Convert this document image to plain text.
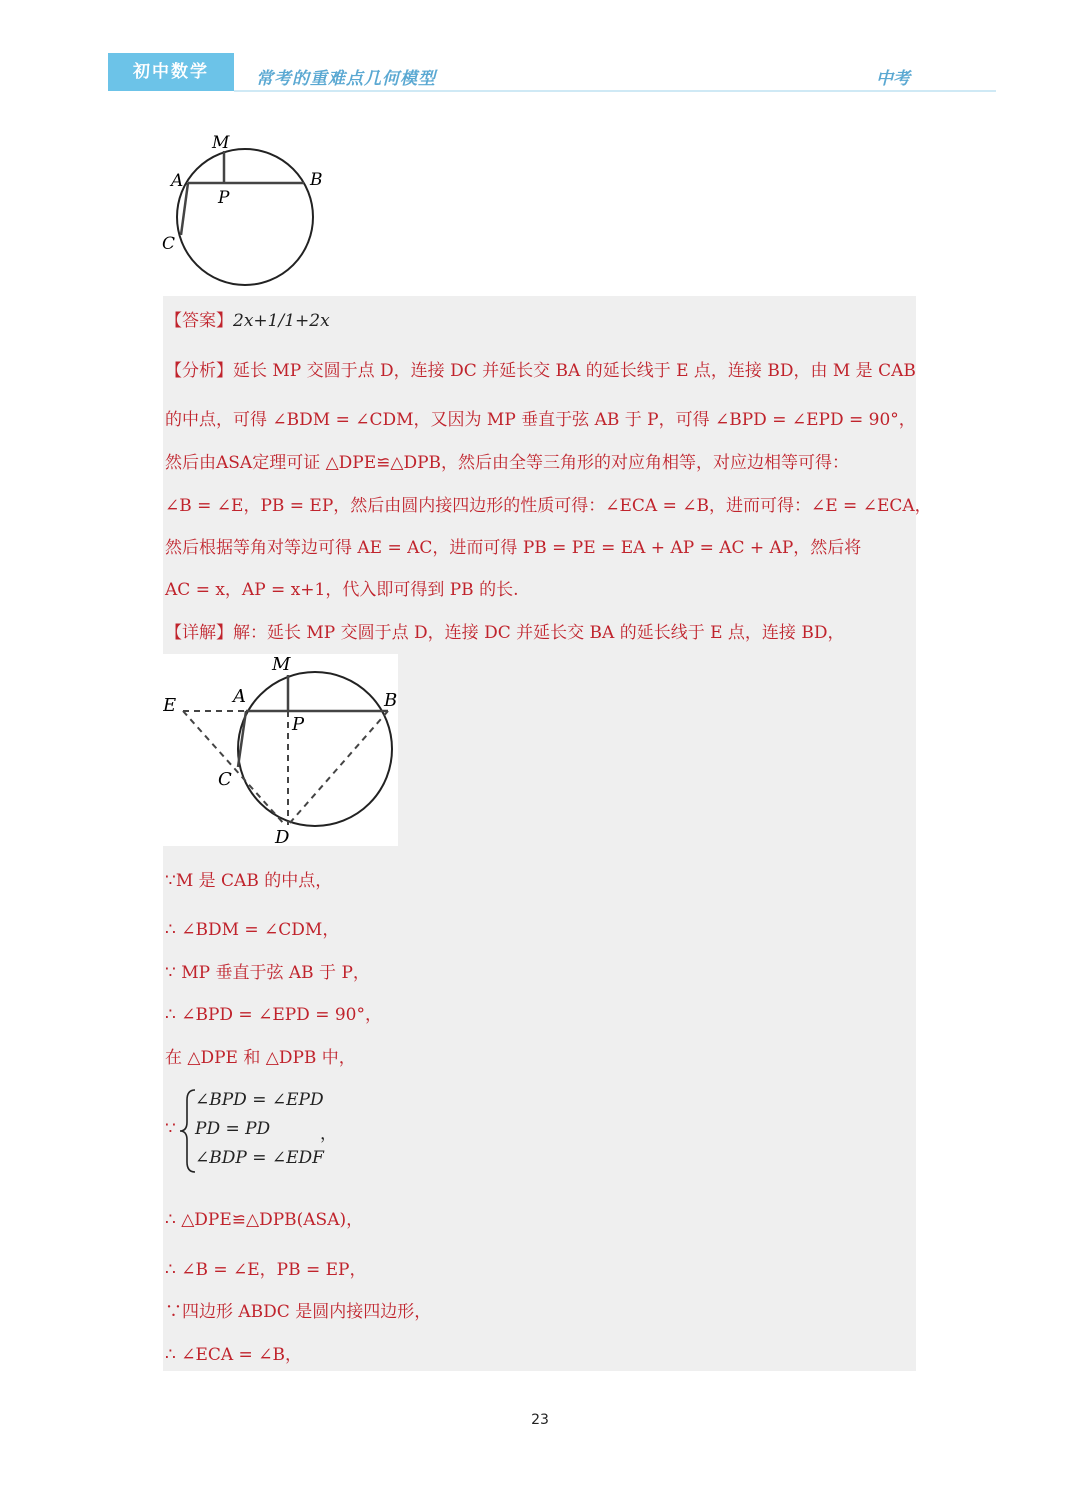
初中数学	常考的重难点几何模型	中考
M
A	B
P
C
【答案】2x+1/1+2x
【分析】延长 MP 交圆于点 D，连接 DC 并延长交 BA 的延长线于 E 点，连接 BD，由 M 是 CAB
的中点，可得 ∠BDM = ∠CDM，又因为 MP 垂直于弦 AB 于 P，可得 ∠BPD = ∠EPD = 90°，
然后由ASA定理可证 △DPE≌△DPB，然后由全等三角形的对应角相等，对应边相等可得：
∠B = ∠E，PB = EP，然后由圆内接四边形的性质可得：∠ECA = ∠B，进而可得：∠E = ∠ECA，
然后根据等角对等边可得 AE = AC，进而可得 PB = PE = EA + AP = AC + AP，然后将
AC = x，AP = x+1，代入即可得到 PB 的长.
【详解】解：延长 MP 交圆于点 D，连接 DC 并延长交 BA 的延长线于 E 点，连接 BD，
M
E	A	B
P
C
D
∵M 是 CAB 的中点，
∴ ∠BDM = ∠CDM，
∵ MP 垂直于弦 AB 于 P，
∴ ∠BPD = ∠EPD = 90°，
在 △DPE 和 △DPB 中，
∵
∠BPD = ∠EPD
PD = PD
∠BDP = ∠EDF
，
∴ △DPE≌△DPB(ASA)，
∴ ∠B = ∠E，PB = EP，
∵四边形 ABDC 是圆内接四边形，
∴ ∠ECA = ∠B，
23
